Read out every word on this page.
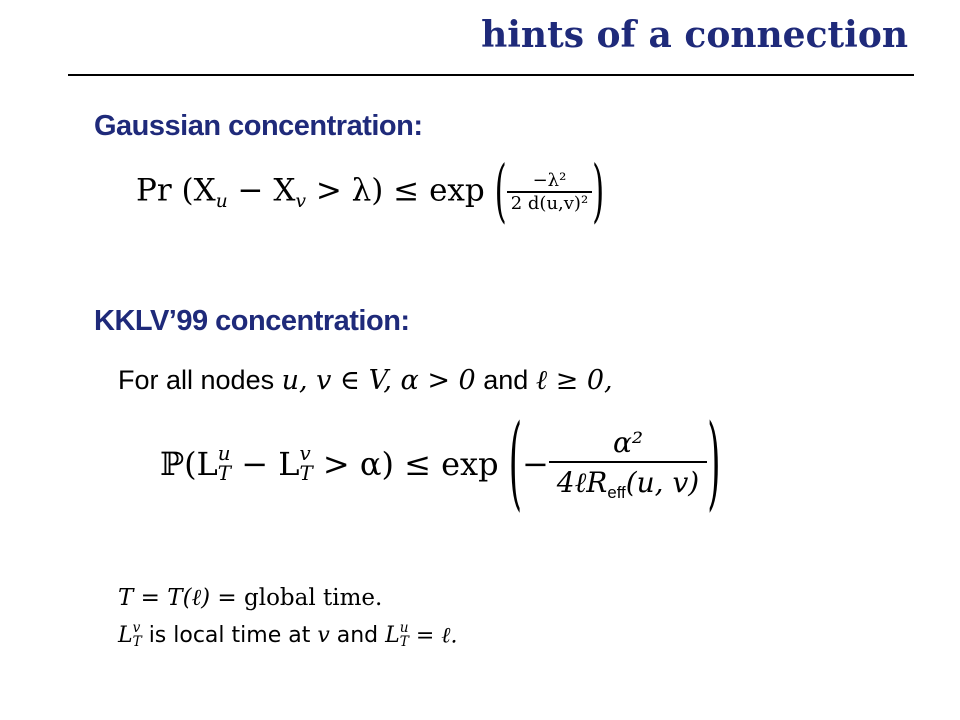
hints of a connection
Gaussian concentration:
Pr $(X_u - X_v > \lambda) \le \exp$ ( $\frac{\text{−λ²}}{\text{2 d(u,v)²}}$ )
KKLV’99 concentration:
For all nodes u, v ∈ V, α > 0 and ℓ ≥ 0,
ℙ(L u
T − L v
T > α) ≤ exp (− $\frac{\text{α²}}{4\ell R_{eff}(u, v)}$ )
T = T(ℓ) = global time.
L v
T is local time at v and L u
T = ℓ.
